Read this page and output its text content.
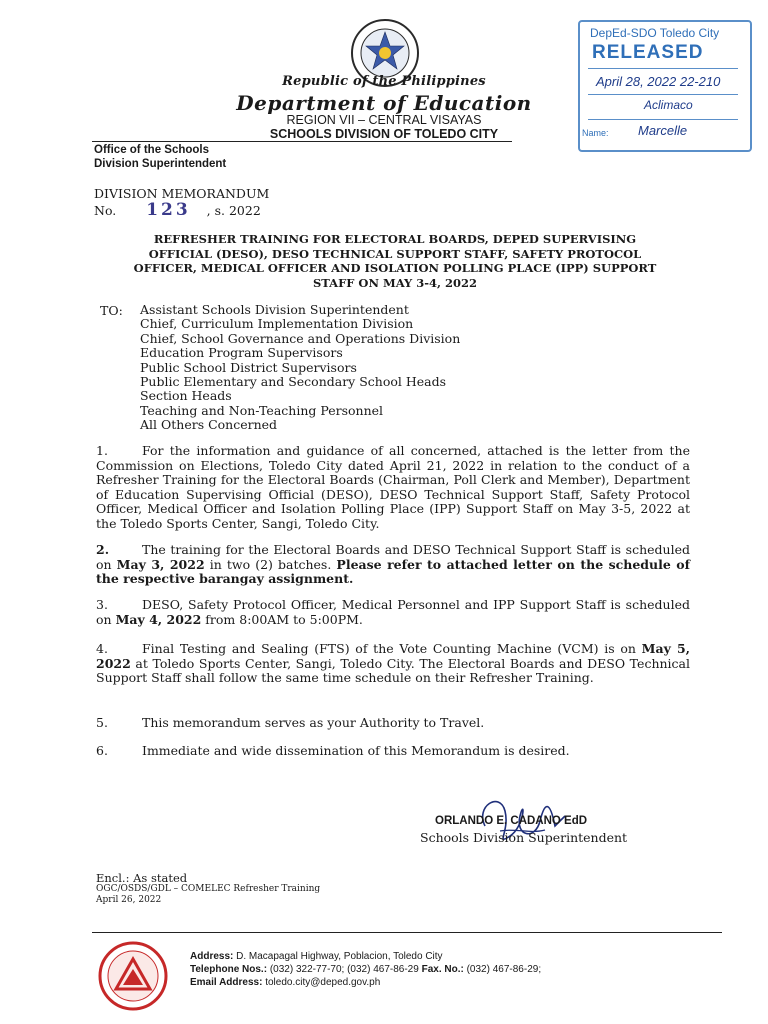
Republic of the Philippines
Department of Education
REGION VII – CENTRAL VISAYAS
SCHOOLS DIVISION OF TOLEDO CITY
Office of the Schools
Division Superintendent
DepEd-SDO Toledo City
RELEASED
April 28, 2022 22-210
Aclimaco
Name: Marcelle
DIVISION MEMORANDUM
No. 123 , s. 2022
REFRESHER TRAINING FOR ELECTORAL BOARDS, DEPED SUPERVISING
OFFICIAL (DESO), DESO TECHNICAL SUPPORT STAFF, SAFETY PROTOCOL
OFFICER, MEDICAL OFFICER AND ISOLATION POLLING PLACE (IPP) SUPPORT
STAFF ON MAY 3-4, 2022
TO: Assistant Schools Division Superintendent
Chief, Curriculum Implementation Division
Chief, School Governance and Operations Division
Education Program Supervisors
Public School District Supervisors
Public Elementary and Secondary School Heads
Section Heads
Teaching and Non-Teaching Personnel
All Others Concerned
1.	For the information and guidance of all concerned, attached is the letter from the Commission on Elections, Toledo City dated April 21, 2022 in relation to the conduct of a Refresher Training for the Electoral Boards (Chairman, Poll Clerk and Member), Department of Education Supervising Official (DESO), DESO Technical Support Staff, Safety Protocol Officer, Medical Officer and Isolation Polling Place (IPP) Support Staff on May 3-5, 2022 at the Toledo Sports Center, Sangi, Toledo City.
2.	The training for the Electoral Boards and DESO Technical Support Staff is scheduled on May 3, 2022 in two (2) batches. Please refer to attached letter on the schedule of the respective barangay assignment.
3.	DESO, Safety Protocol Officer, Medical Personnel and IPP Support Staff is scheduled on May 4, 2022 from 8:00AM to 5:00PM.
4.	Final Testing and Sealing (FTS) of the Vote Counting Machine (VCM) is on May 5, 2022 at Toledo Sports Center, Sangi, Toledo City. The Electoral Boards and DESO Technical Support Staff shall follow the same time schedule on their Refresher Training.
5.	This memorandum serves as your Authority to Travel.
6.	Immediate and wide dissemination of this Memorandum is desired.
ORLANDO E. CADANO EdD
Schools Division Superintendent
Encl.: As stated
OGC/OSDS/GDL – COMELEC Refresher Training
April 26, 2022
Address: D. Macapagal Highway, Poblacion, Toledo City
Telephone Nos.: (032) 322-77-70; (032) 467-86-29 Fax. No.: (032) 467-86-29;
Email Address: toledo.city@deped.gov.ph
